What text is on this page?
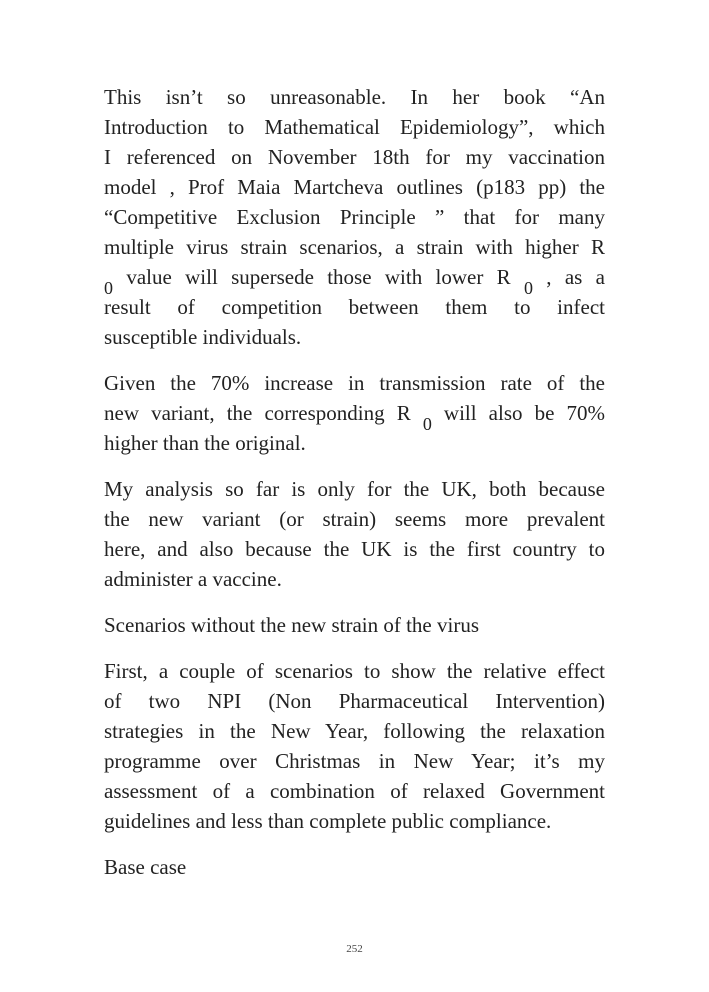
This isn’t so unreasonable. In her book “An
Introduction to Mathematical Epidemiology”, which
I referenced on November 18th for my vaccination
model , Prof Maia Martcheva outlines (p183 pp) the
“Competitive Exclusion Principle ” that for many
multiple virus strain scenarios, a strain with higher R
0 value will supersede those with lower R 0 , as a
result of competition between them to infect
susceptible individuals.
Given the 70% increase in transmission rate of the
new variant, the corresponding R 0 will also be 70%
higher than the original.
My analysis so far is only for the UK, both because
the new variant (or strain) seems more prevalent
here, and also because the UK is the first country to
administer a vaccine.
Scenarios without the new strain of the virus
First, a couple of scenarios to show the relative effect
of two NPI (Non Pharmaceutical Intervention)
strategies in the New Year, following the relaxation
programme over Christmas in New Year; it’s my
assessment of a combination of relaxed Government
guidelines and less than complete public compliance.
Base case
252
